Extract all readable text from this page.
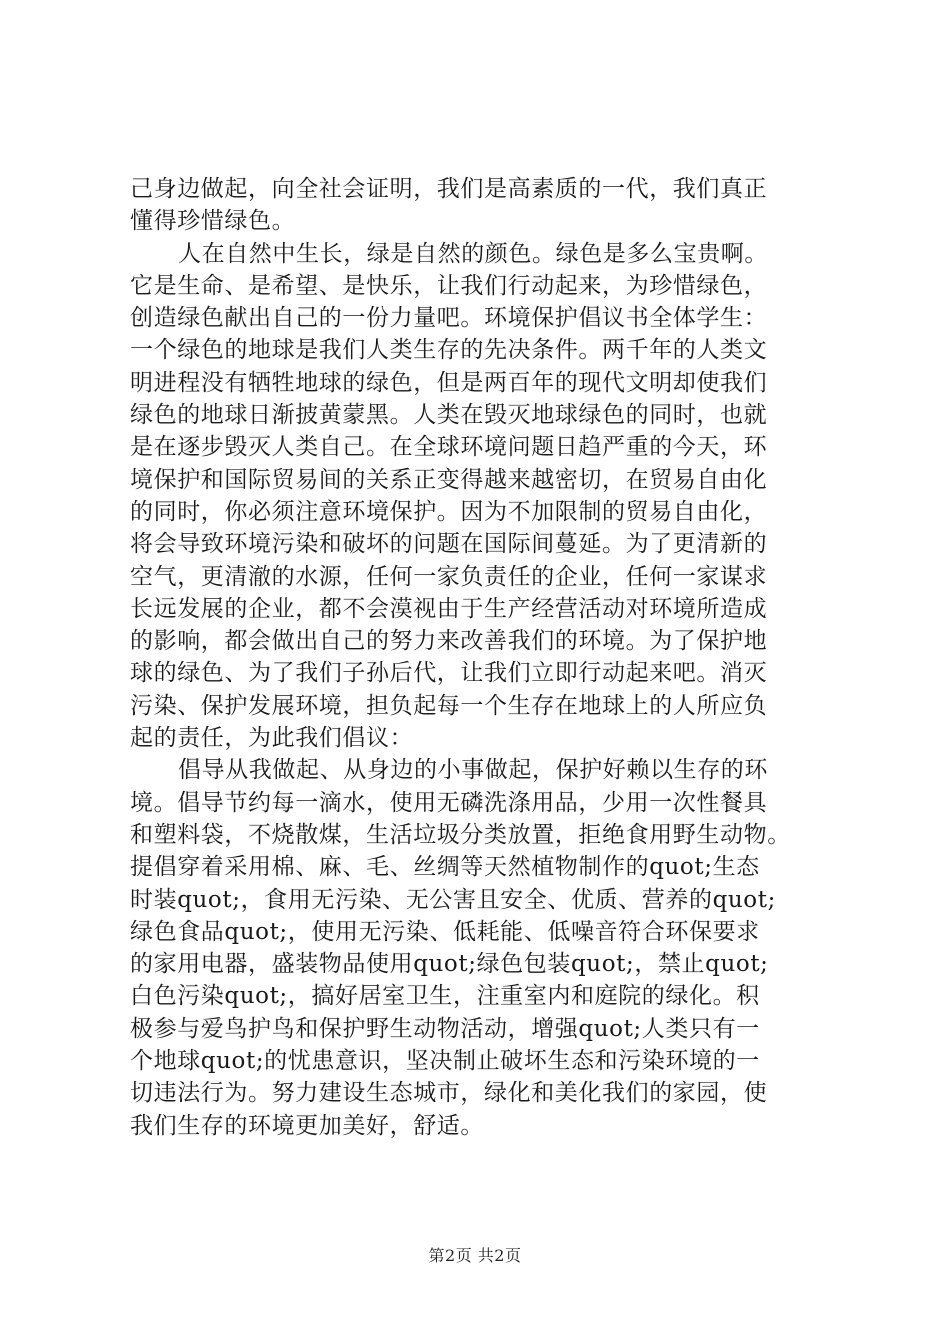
己身边做起，向全社会证明，我们是高素质的一代，我们真正
懂得珍惜绿色。
人在自然中生长，绿是自然的颜色。绿色是多么宝贵啊。
它是生命、是希望、是快乐，让我们行动起来，为珍惜绿色，
创造绿色献出自己的一份力量吧。环境保护倡议书全体学生：
一个绿色的地球是我们人类生存的先决条件。两千年的人类文
明进程没有牺牲地球的绿色，但是两百年的现代文明却使我们
绿色的地球日渐披黄蒙黑。人类在毁灭地球绿色的同时，也就
是在逐步毁灭人类自己。在全球环境问题日趋严重的今天，环
境保护和国际贸易间的关系正变得越来越密切，在贸易自由化
的同时，你必须注意环境保护。因为不加限制的贸易自由化，
将会导致环境污染和破坏的问题在国际间蔓延。为了更清新的
空气，更清澈的水源，任何一家负责任的企业，任何一家谋求
长远发展的企业，都不会漠视由于生产经营活动对环境所造成
的影响，都会做出自己的努力来改善我们的环境。为了保护地
球的绿色、为了我们子孙后代，让我们立即行动起来吧。消灭
污染、保护发展环境，担负起每一个生存在地球上的人所应负
起的责任，为此我们倡议：
倡导从我做起、从身边的小事做起，保护好赖以生存的环
境。倡导节约每一滴水，使用无磷洗涤用品，少用一次性餐具
和塑料袋，不烧散煤，生活垃圾分类放置，拒绝食用野生动物。
提倡穿着采用棉、麻、毛、丝绸等天然植物制作的quot;生态
时装quot;，食用无污染、无公害且安全、优质、营养的quot;
绿色食品quot;，使用无污染、低耗能、低噪音符合环保要求
的家用电器，盛装物品使用quot;绿色包装quot;，禁止quot;
白色污染quot;，搞好居室卫生，注重室内和庭院的绿化。积
极参与爱鸟护鸟和保护野生动物活动，增强quot;人类只有一
个地球quot;的忧患意识，坚决制止破坏生态和污染环境的一
切违法行为。努力建设生态城市，绿化和美化我们的家园，使
我们生存的环境更加美好，舒适。
第2页 共2页
